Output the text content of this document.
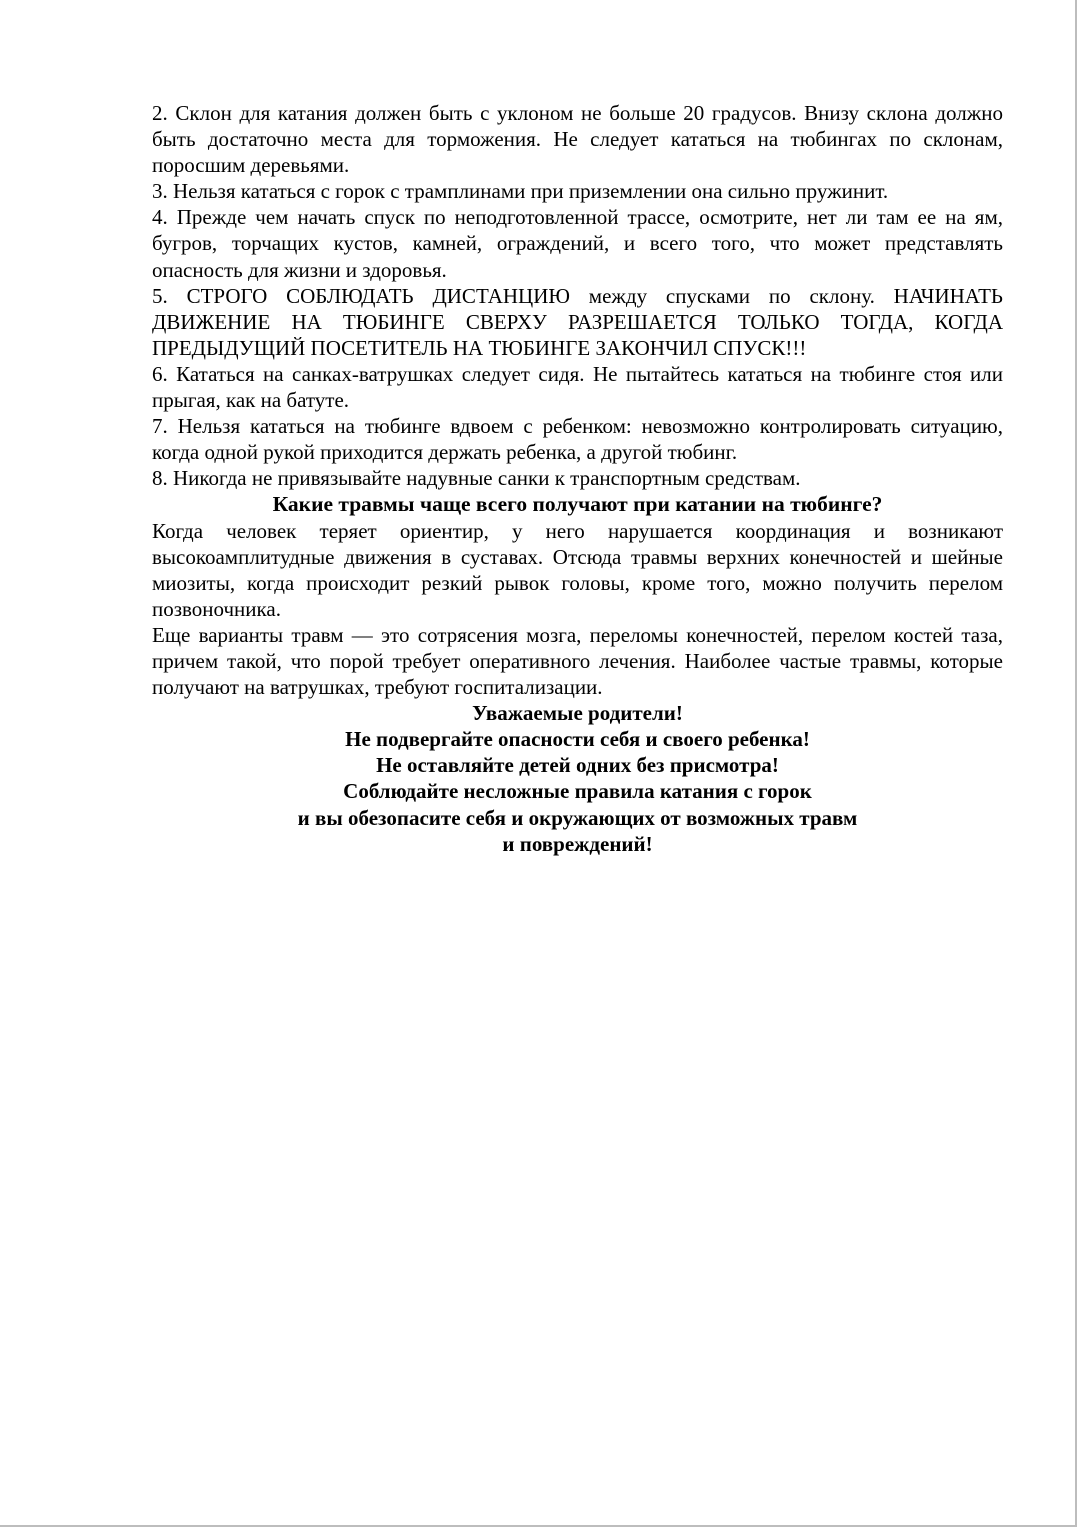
2. Склон для катания должен быть с уклоном не больше 20 градусов. Внизу склона должно быть достаточно места для торможения. Не следует кататься на тюбингах по склонам, поросшим деревьями.

3. Нельзя кататься с горок с трамплинами при приземлении она сильно пружинит.

4. Прежде чем начать спуск по неподготовленной трассе, осмотрите, нет ли там ее на ям, бугров, торчащих кустов, камней, ограждений, и всего того, что может представлять опасность для жизни и здоровья.

5. СТРОГО СОБЛЮДАТЬ ДИСТАНЦИЮ между спусками по склону. НАЧИНАТЬ ДВИЖЕНИЕ НА ТЮБИНГЕ СВЕРХУ РАЗРЕШАЕТСЯ ТОЛЬКО ТОГДА, КОГДА ПРЕДЫДУЩИЙ ПОСЕТИТЕЛЬ НА ТЮБИНГЕ ЗАКОНЧИЛ СПУСК!!!

6. Кататься на санках-ватрушках следует сидя. Не пытайтесь кататься на тюбинге стоя или прыгая, как на батуте.

7. Нельзя кататься на тюбинге вдвоем с ребенком: невозможно контролировать ситуацию, когда одной рукой приходится держать ребенка, а другой тюбинг.

8. Никогда не привязывайте надувные санки к транспортным средствам.

Какие травмы чаще всего получают при катании на тюбинге?

Когда человек теряет ориентир, у него нарушается координация и возникают высокоамплитудные движения в суставах. Отсюда травмы верхних конечностей и шейные миозиты, когда происходит резкий рывок головы, кроме того, можно получить перелом позвоночника.

Еще варианты травм — это сотрясения мозга, переломы конечностей, перелом костей таза, причем такой, что порой требует оперативного лечения. Наиболее частые травмы, которые получают на ватрушках, требуют госпитализации.

Уважаемые родители!
Не подвергайте опасности себя и своего ребенка!
Не оставляйте детей одних без присмотра!
Соблюдайте несложные правила катания с горок
и вы обезопасите себя и окружающих от возможных травм
и повреждений!
